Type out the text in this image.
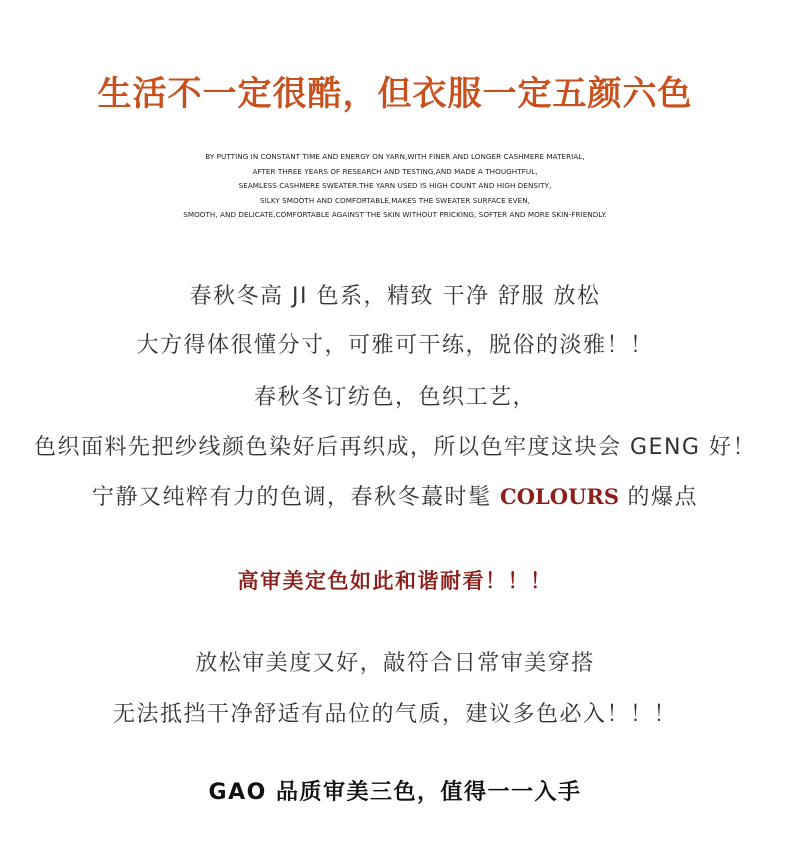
生活不一定很酷，但衣服一定五颜六色
BY PUTTING IN CONSTANT TIME AND ENERGY ON YARN,WITH FINER AND LONGER CASHMERE MATERIAL,
AFTER THREE YEARS OF RESEARCH AND TESTING,AND MADE A THOUGHTFUL,
SEAMLESS CASHMERE SWEATER.THE YARN USED IS HIGH COUNT AND HIGH DENSITY,
SILKY SMOOTH AND COMFORTABLE,MAKES THE SWEATER SURFACE EVEN,
SMOOTH, AND DELICATE,COMFORTABLE AGAINST THE SKIN WITHOUT PRICKING, SOFTER AND MORE SKIN-FRIENDLY.
春秋冬高 JI 色系，精致 干净 舒服 放松
大方得体很懂分寸，可雅可干练，脱俗的淡雅！！
春秋冬订纺色，色织工艺，
色织面料先把纱线颜色染好后再织成，所以色牢度这块会 GENG 好！
宁静又纯粹有力的色调，春秋冬蕞时髦 COLOURS 的爆点
高审美定色如此和谐耐看！！！
放松审美度又好，敲符合日常审美穿搭
无法抵挡干净舒适有品位的气质，建议多色必入！！！
GAO 品质审美三色，值得一一入手
